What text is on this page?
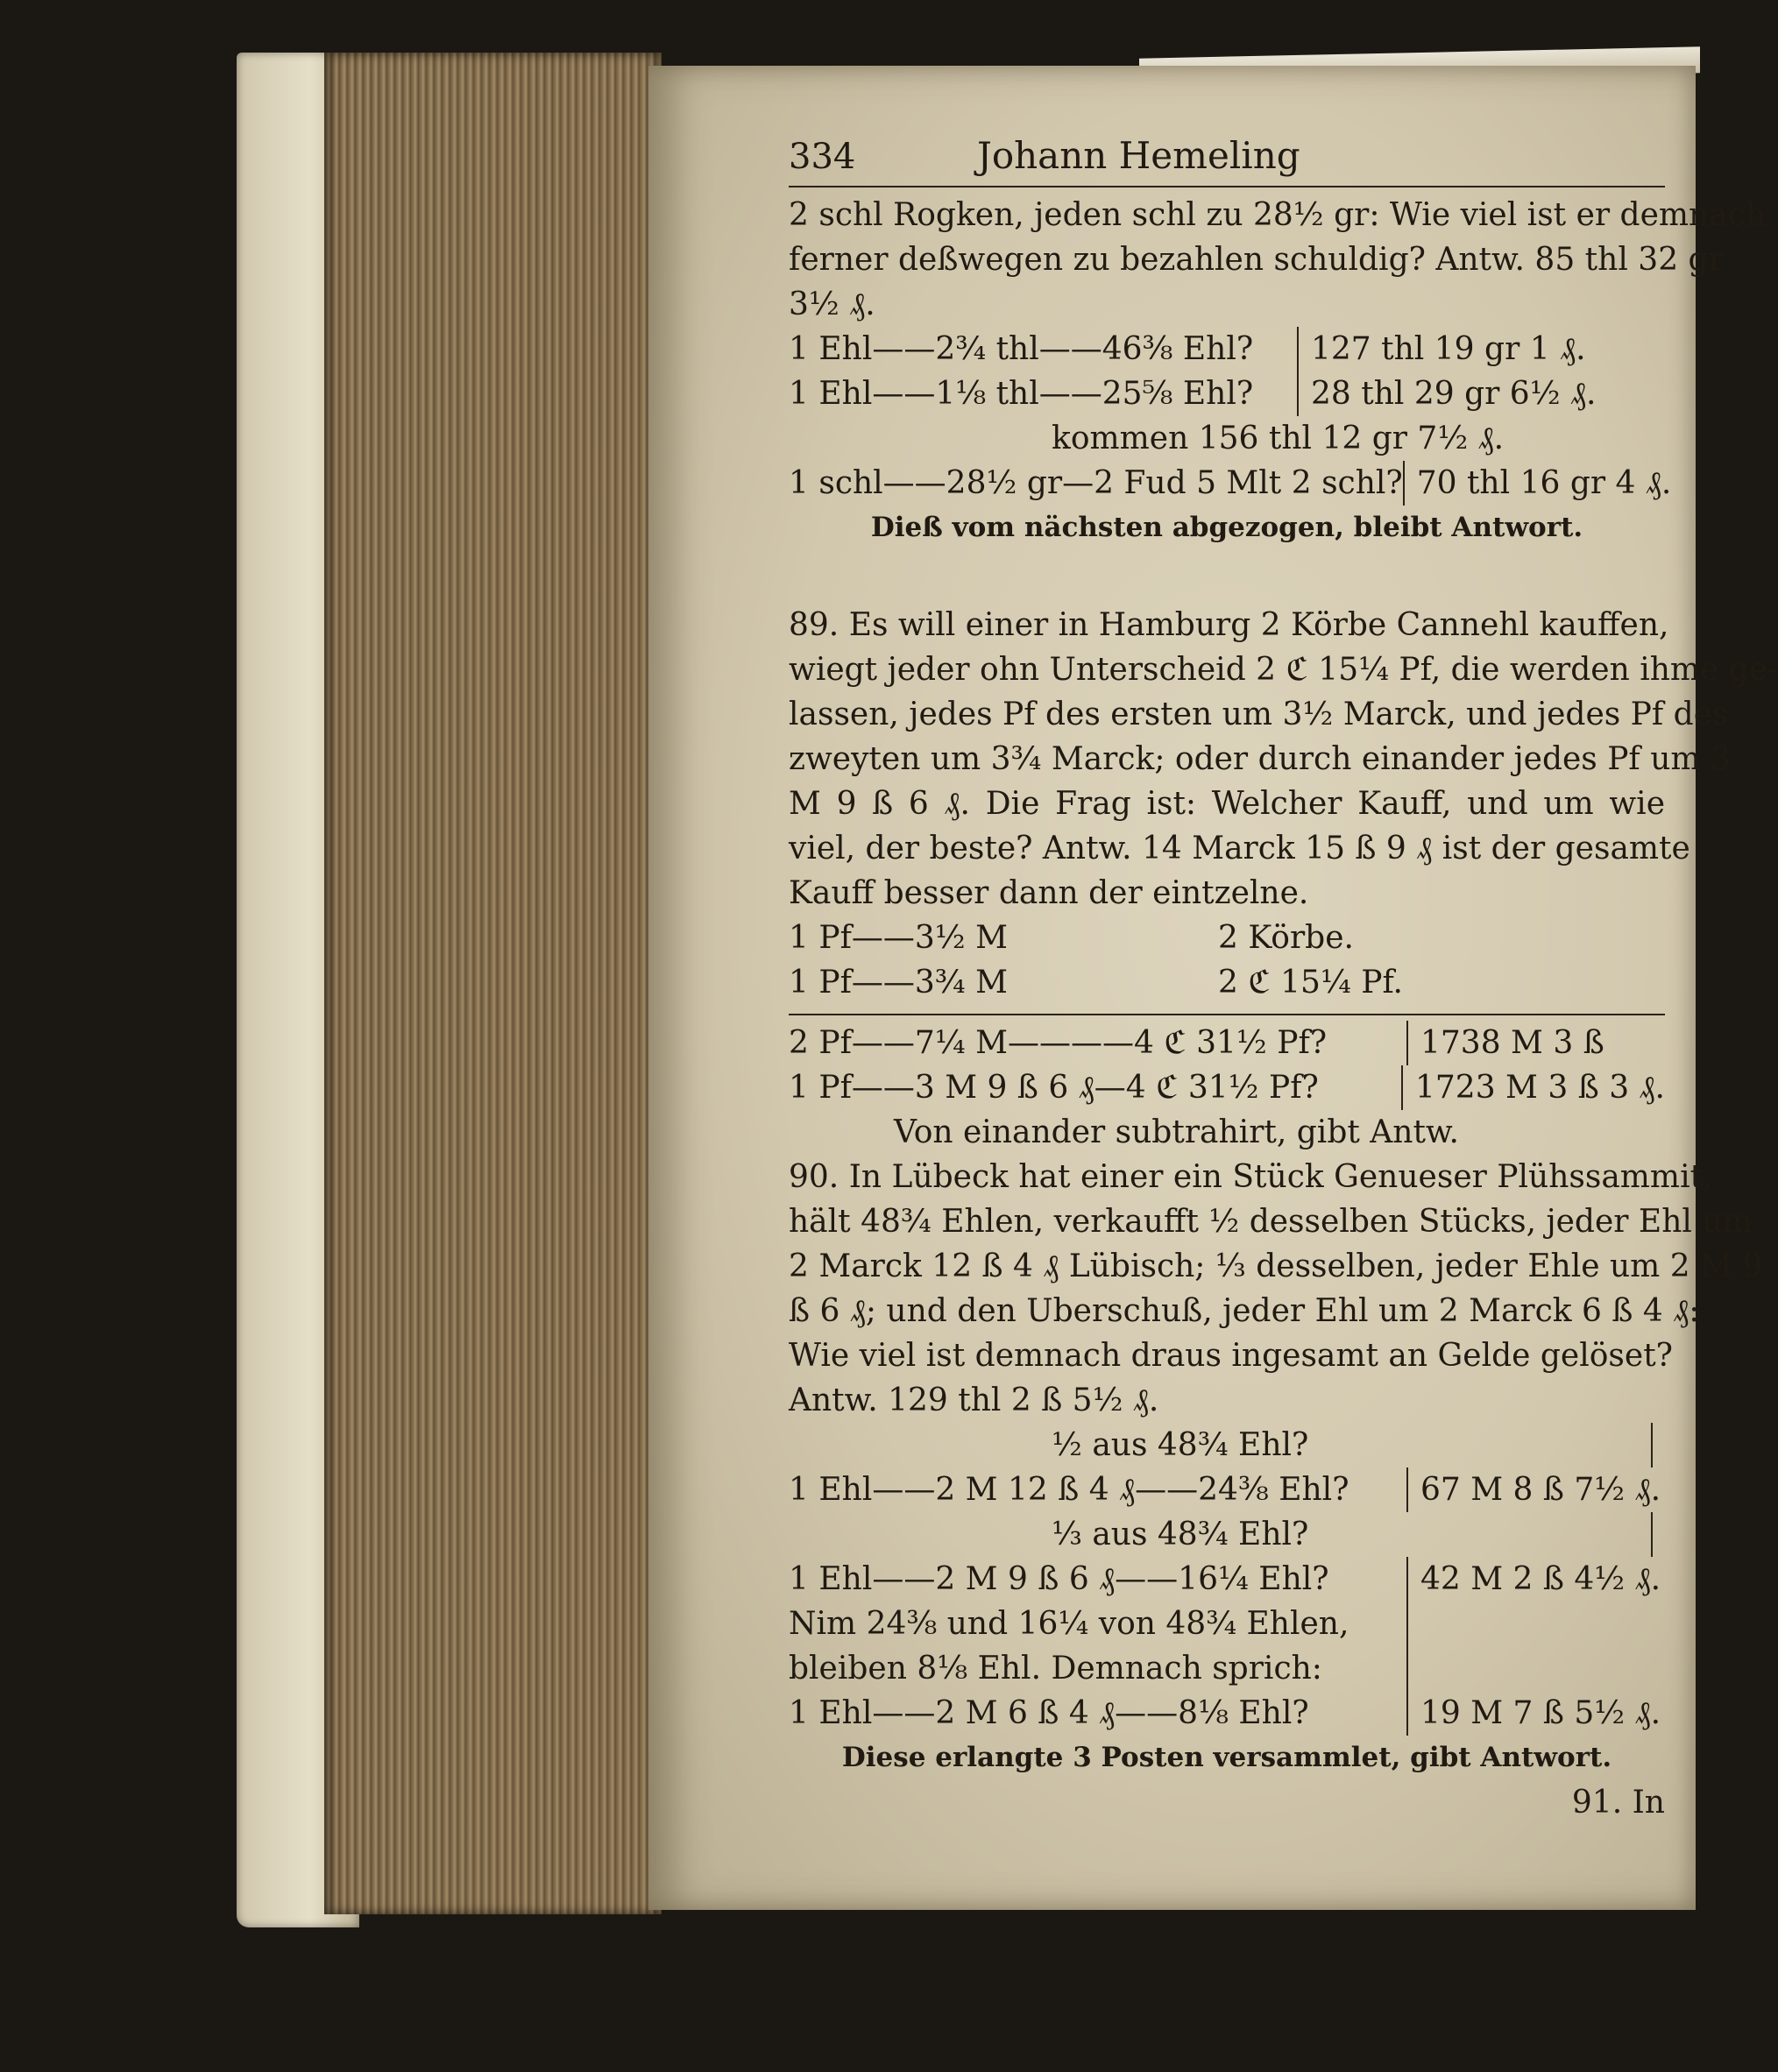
334	Johann Hemeling
2 schl Rogken, jeden schl zu 28½ gr: Wie viel ist er demnach
ferner deßwegen zu bezahlen schuldig? Antw. 85 thl 32 gr
3½ ₰.
1 Ehl——2¾ thl——46⅜ Ehl?	127 thl 19 gr 1 ₰.
1 Ehl——1⅛ thl——25⅝ Ehl?	28 thl 29 gr 6½ ₰.
kommen 156 thl 12 gr 7½ ₰.
1 schl——28½ gr—2 Fud 5 Mlt 2 schl? 70 thl 16 gr 4 ₰.
Dieß vom nächsten abgezogen, bleibt Antwort.
89. Es will einer in Hamburg 2 Körbe Cannehl kauffen,
wiegt jeder ohn Unterscheid 2 ℭ 15¼ Pf, die werden ihme ge-
lassen, jedes Pf des ersten um 3½ Marck, und jedes Pf des
zweyten um 3¾ Marck; oder durch einander jedes Pf um 3
M 9 ß 6 ₰. Die Frag ist: Welcher Kauff, und um wie
viel, der beste? Antw. 14 Marck 15 ß 9 ₰ ist der gesamte
Kauff besser dann der eintzelne.
1 Pf——3½ M	2 Körbe.
1 Pf——3¾ M	2 ℭ 15¼ Pf.
2 Pf——7¼ M————4 ℭ 31½ Pf?	1738 M 3 ß
1 Pf——3 M 9 ß 6 ₰—4 ℭ 31½ Pf?	1723 M 3 ß 3 ₰.
Von einander subtrahirt, gibt Antw.
90. In Lübeck hat einer ein Stück Genueser Plühssammit,
hält 48¾ Ehlen, verkaufft ½ desselben Stücks, jeder Ehl um
2 Marck 12 ß 4 ₰ Lübisch; ⅓ desselben, jeder Ehle um 2 M 9
ß 6 ₰; und den Uberschuß, jeder Ehl um 2 Marck 6 ß 4 ₰:
Wie viel ist demnach draus ingesamt an Gelde gelöset?
Antw. 129 thl 2 ß 5½ ₰.
½ aus 48¾ Ehl?
1 Ehl——2 M 12 ß 4 ₰——24⅜ Ehl?	67 M 8 ß 7½ ₰.
⅓ aus 48¾ Ehl?
1 Ehl——2 M 9 ß 6 ₰——16¼ Ehl?	42 M 2 ß 4½ ₰.
Nim 24⅜ und 16¼ von 48¾ Ehlen,
bleiben 8⅛ Ehl. Demnach sprich:
1 Ehl——2 M 6 ß 4 ₰——8⅛ Ehl?	19 M 7 ß 5½ ₰.
Diese erlangte 3 Posten versammlet, gibt Antwort.
91. In
